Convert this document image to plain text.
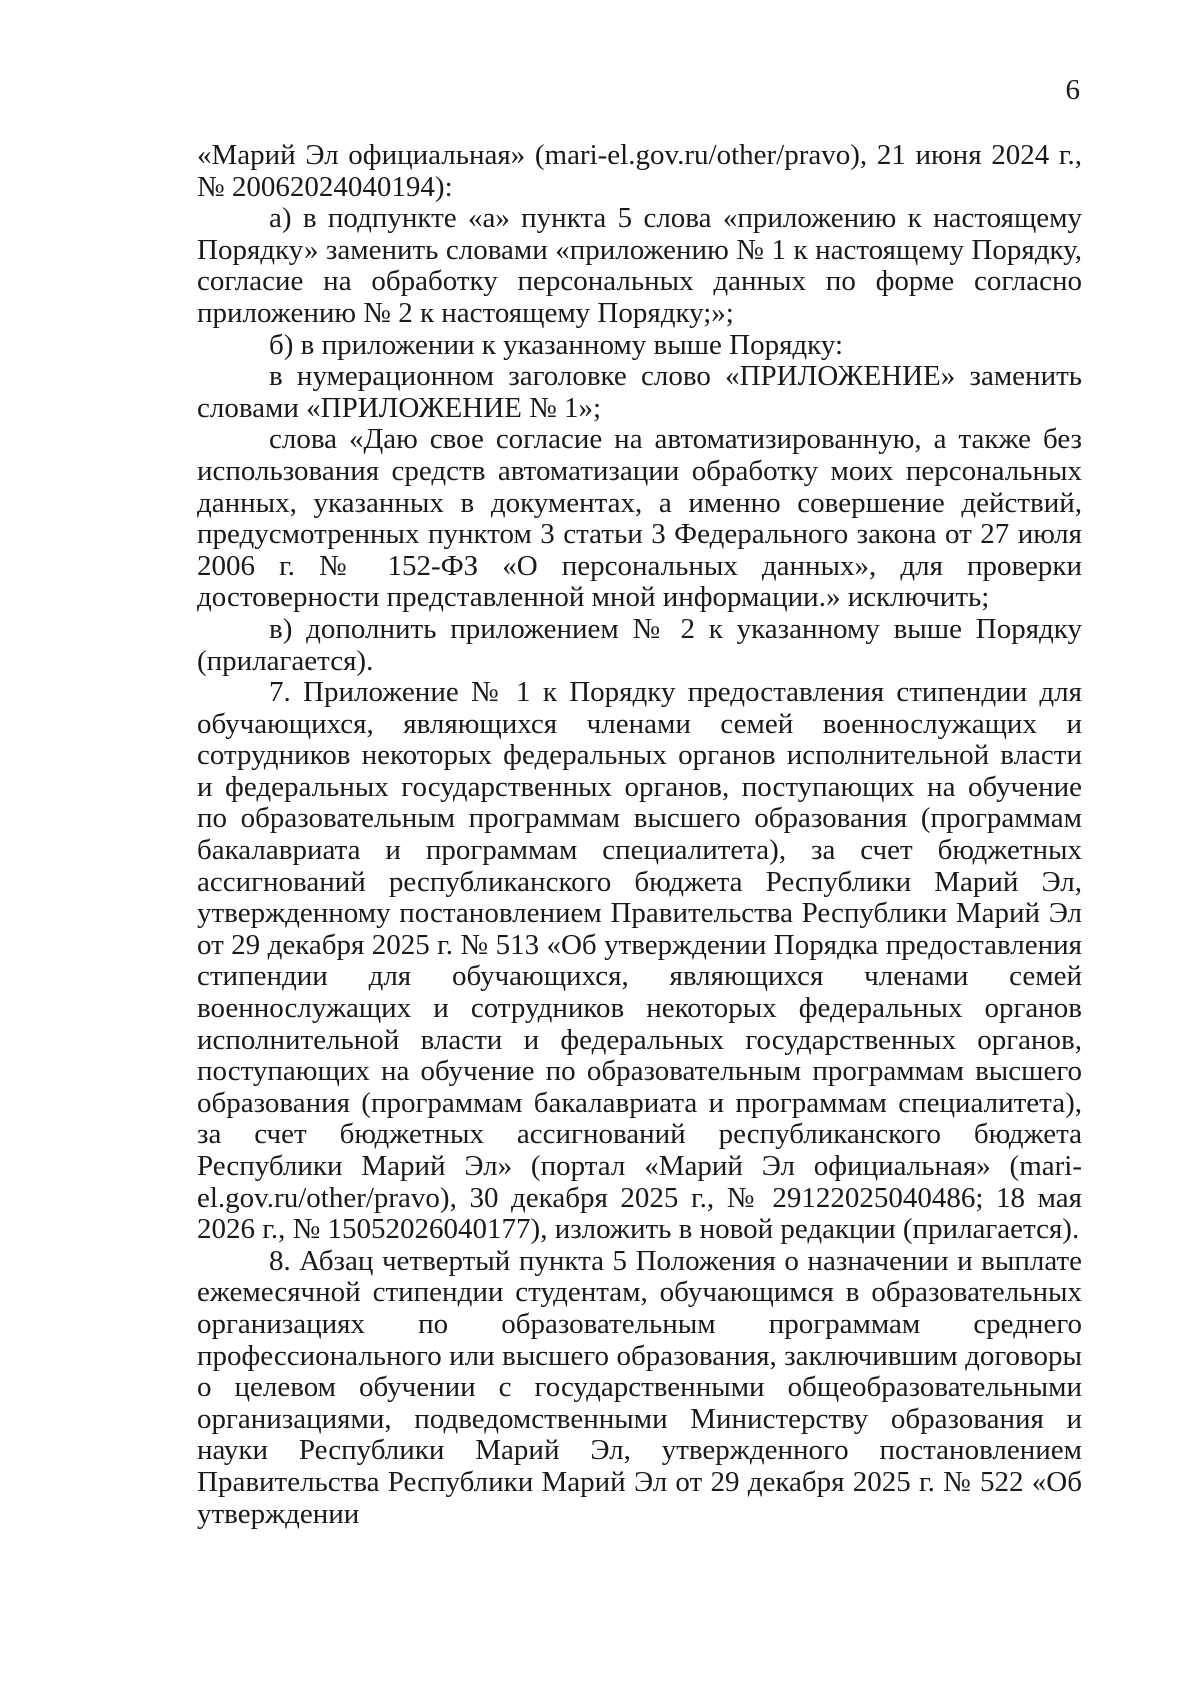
6

«Марий Эл официальная» (mari-el.gov.ru/other/pravo), 21 июня 2024 г., № 20062024040194):

а) в подпункте «а» пункта 5 слова «приложению к настоящему Порядку» заменить словами «приложению № 1 к настоящему Порядку, согласие на обработку персональных данных по форме согласно приложению № 2 к настоящему Порядку;»;

б) в приложении к указанному выше Порядку:

в нумерационном заголовке слово «ПРИЛОЖЕНИЕ» заменить словами «ПРИЛОЖЕНИЕ № 1»;

слова «Даю свое согласие на автоматизированную, а также без использования средств автоматизации обработку моих персональных данных, указанных в документах, а именно совершение действий, предусмотренных пунктом 3 статьи 3 Федерального закона от 27 июля 2006 г. № 152-ФЗ «О персональных данных», для проверки достоверности представленной мной информации.» исключить;

в) дополнить приложением № 2 к указанному выше Порядку (прилагается).

7. Приложение № 1 к Порядку предоставления стипендии для обучающихся, являющихся членами семей военнослужащих и сотрудников некоторых федеральных органов исполнительной власти и федеральных государственных органов, поступающих на обучение по образовательным программам высшего образования (программам бакалавриата и программам специалитета), за счет бюджетных ассигнований республиканского бюджета Республики Марий Эл, утвержденному постановлением Правительства Республики Марий Эл от 29 декабря 2025 г. № 513 «Об утверждении Порядка предоставления стипендии для обучающихся, являющихся членами семей военнослужащих и сотрудников некоторых федеральных органов исполнительной власти и федеральных государственных органов, поступающих на обучение по образовательным программам высшего образования (программам бакалавриата и программам специалитета), за счет бюджетных ассигнований республиканского бюджета Республики Марий Эл» (портал «Марий Эл официальная» (mari-el.gov.ru/other/pravo), 30 декабря 2025 г., № 29122025040486; 18 мая 2026 г., № 15052026040177), изложить в новой редакции (прилагается).

8. Абзац четвертый пункта 5 Положения о назначении и выплате ежемесячной стипендии студентам, обучающимся в образовательных организациях по образовательным программам среднего профессионального или высшего образования, заключившим договоры о целевом обучении с государственными общеобразовательными организациями, подведомственными Министерству образования и науки Республики Марий Эл, утвержденного постановлением Правительства Республики Марий Эл от 29 декабря 2025 г. № 522 «Об утверждении
